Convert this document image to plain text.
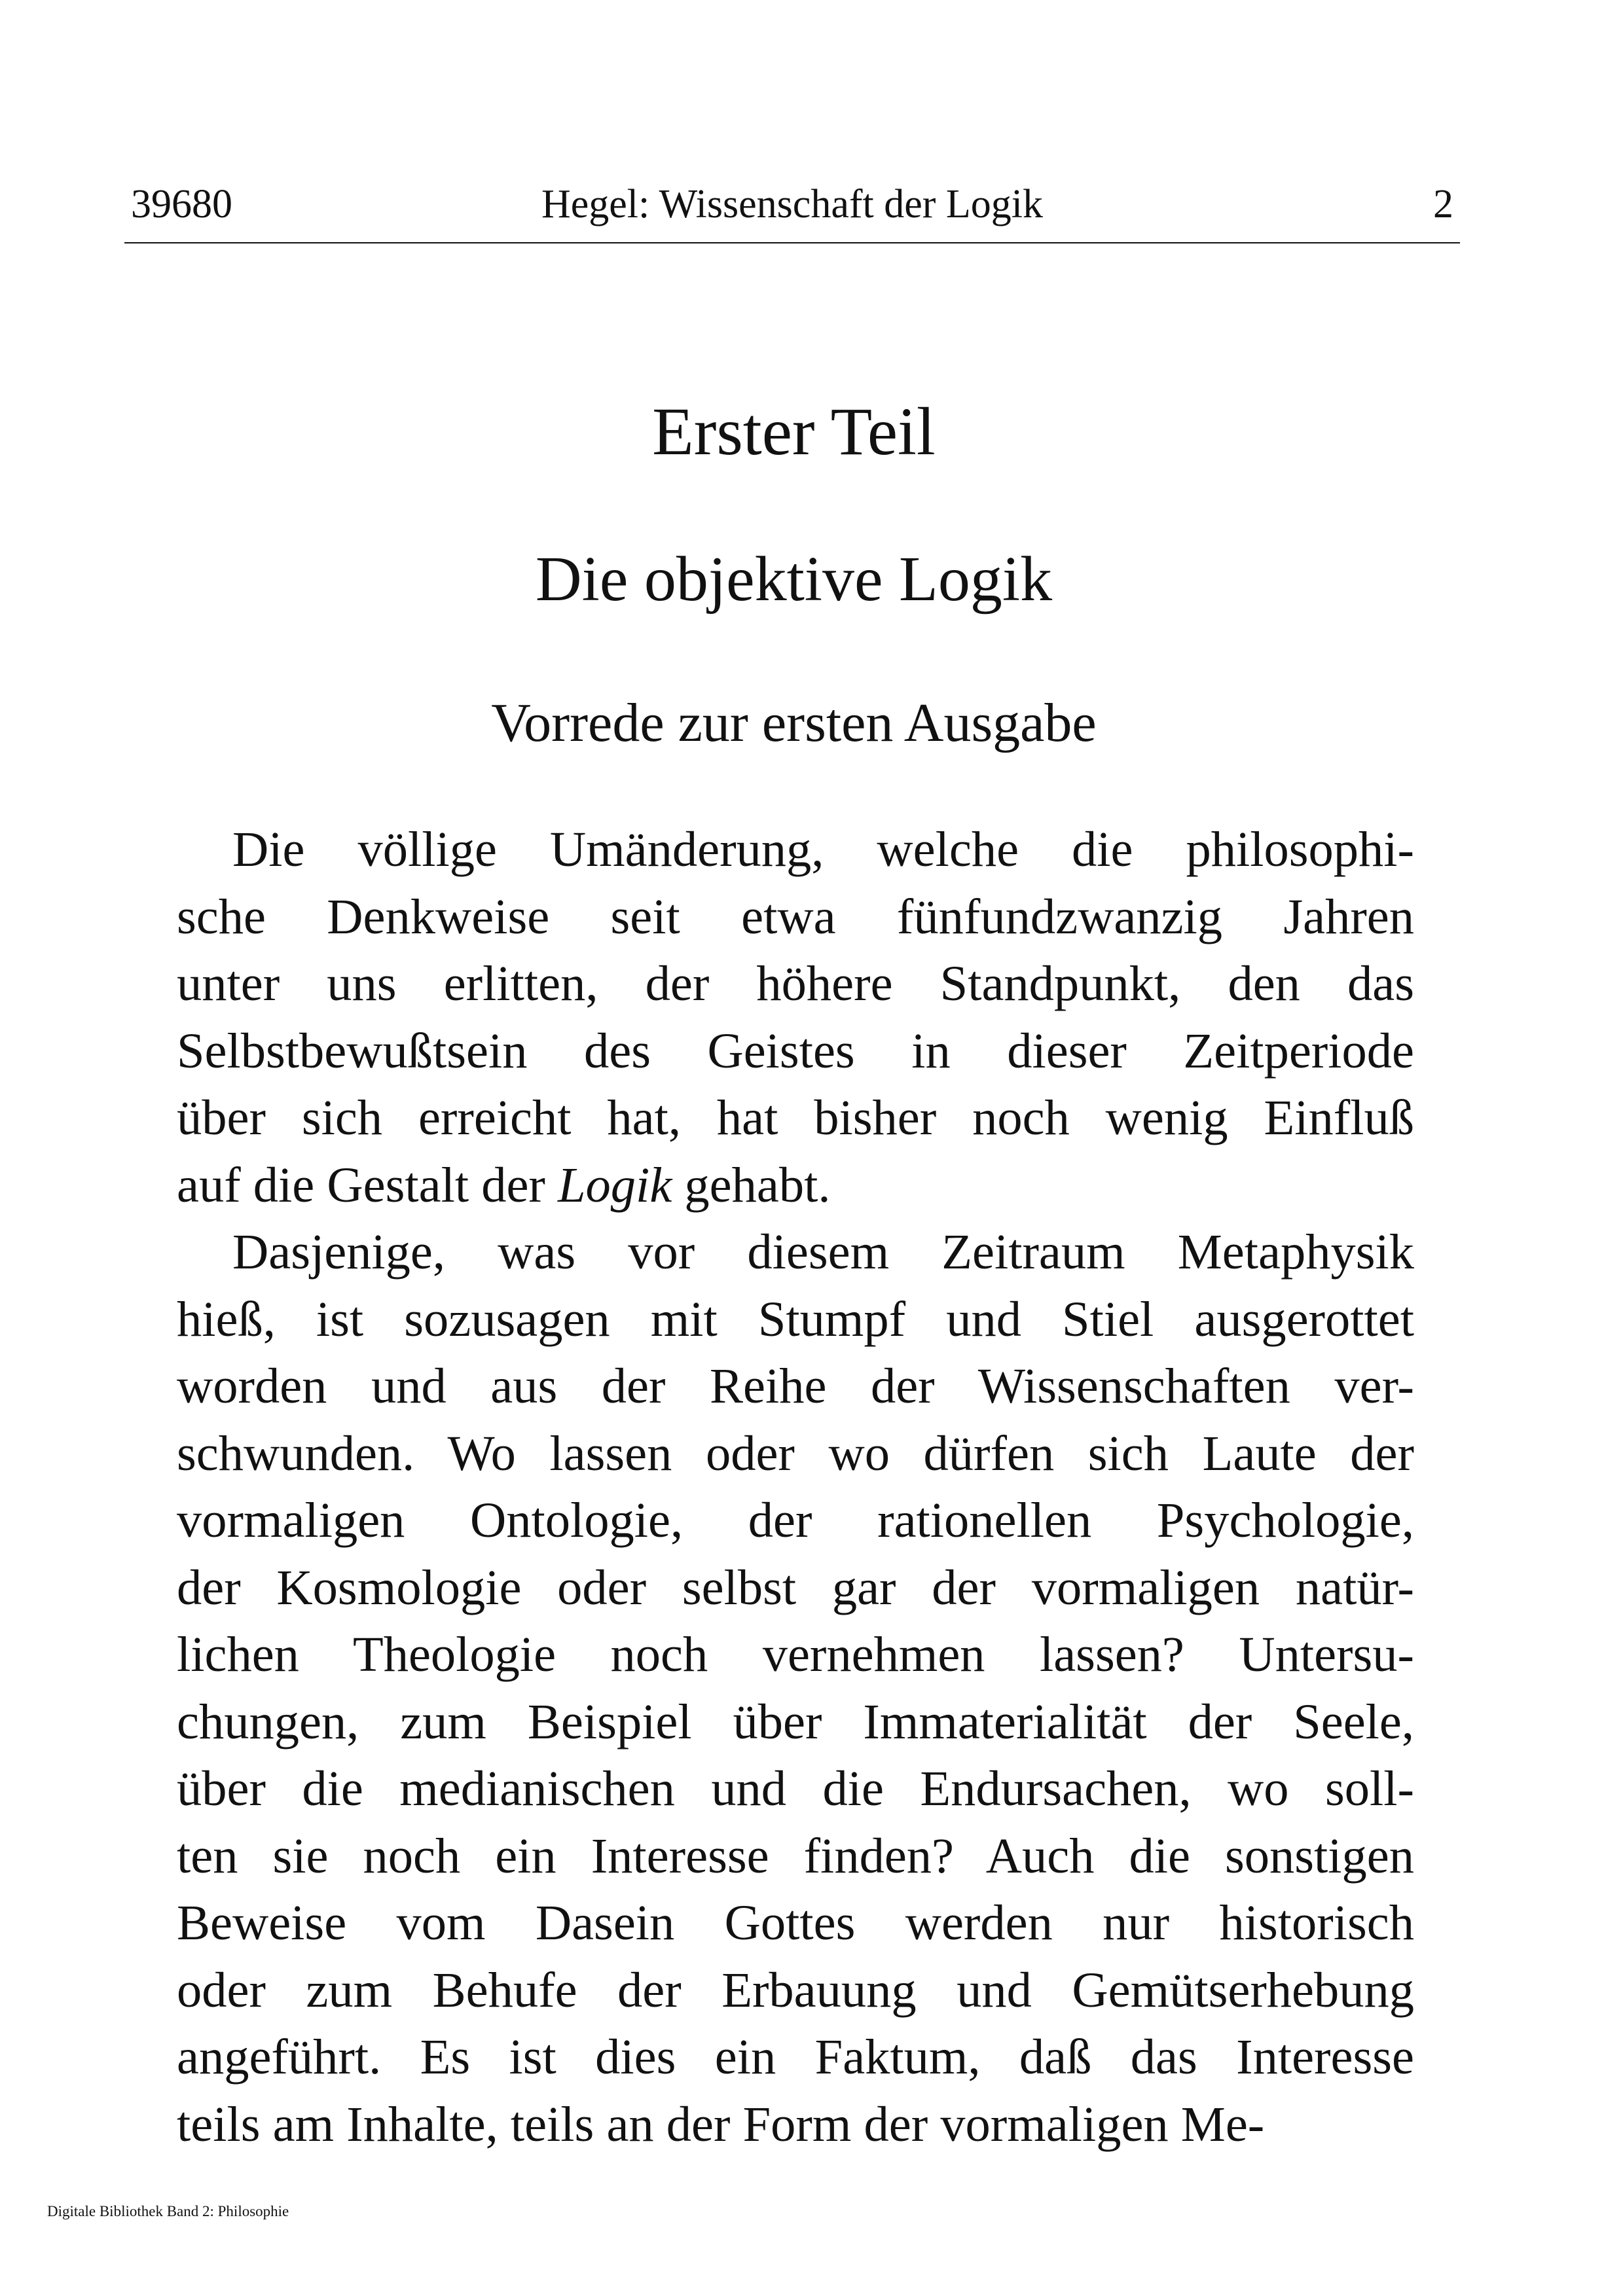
39680	Hegel: Wissenschaft der Logik	2
Erster Teil
Die objektive Logik
Vorrede zur ersten Ausgabe
Die völlige Umänderung, welche die philosophi-
sche Denkweise seit etwa fünfundzwanzig Jahren
unter uns erlitten, der höhere Standpunkt, den das
Selbstbewußtsein des Geistes in dieser Zeitperiode
über sich erreicht hat, hat bisher noch wenig Einfluß
auf die Gestalt der Logik gehabt.
Dasjenige, was vor diesem Zeitraum Metaphysik
hieß, ist sozusagen mit Stumpf und Stiel ausgerottet
worden und aus der Reihe der Wissenschaften ver-
schwunden. Wo lassen oder wo dürfen sich Laute der
vormaligen Ontologie, der rationellen Psychologie,
der Kosmologie oder selbst gar der vormaligen natür-
lichen Theologie noch vernehmen lassen? Untersu-
chungen, zum Beispiel über Immaterialität der Seele,
über die medianischen und die Endursachen, wo soll-
ten sie noch ein Interesse finden? Auch die sonstigen
Beweise vom Dasein Gottes werden nur historisch
oder zum Behufe der Erbauung und Gemütserhebung
angeführt. Es ist dies ein Faktum, daß das Interesse
teils am Inhalte, teils an der Form der vormaligen Me-
Digitale Bibliothek Band 2: Philosophie
